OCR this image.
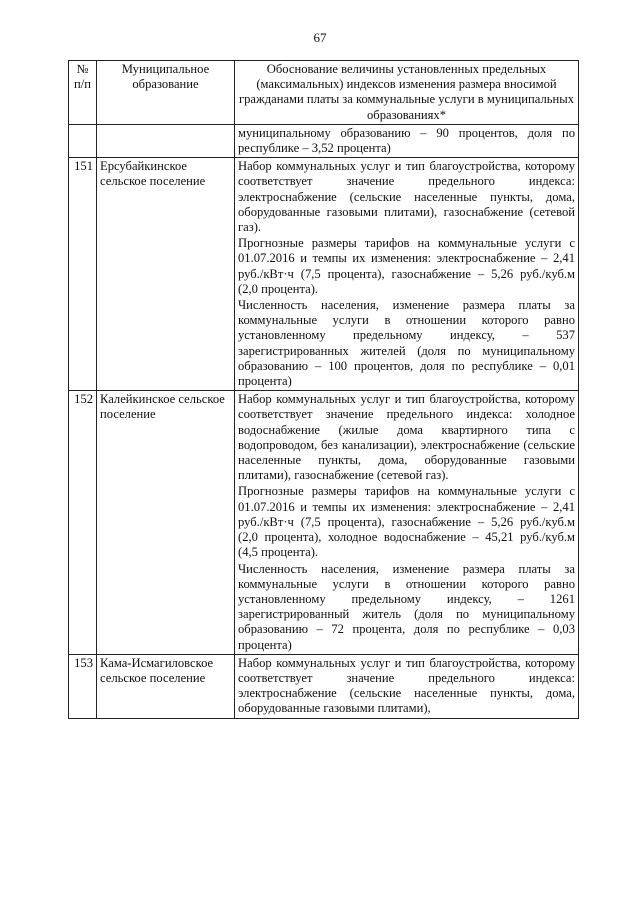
67
№ п/п	Муниципальное образование	Обоснование величины установленных предельных (максимальных) индексов изменения размера вносимой гражданами платы за коммунальные услуги в муниципальных образованиях*
		муниципальному образованию – 90 процентов, доля по республике – 3,52 процента)
151	Ерсубайкинское сельское поселение	Набор коммунальных услуг и тип благоустройства, которому соответствует значение предельного индекса: электроснабжение (сельские населенные пункты, дома, оборудованные газовыми плитами), газоснабжение (сетевой газ).

Прогнозные размеры тарифов на коммунальные услуги с 01.07.2016 и темпы их изменения: электроснабжение – 2,41 руб./кВт·ч (7,5 процента), газоснабжение – 5,26 руб./куб.м (2,0 процента).

Численность населения, изменение размера платы за коммунальные услуги в отношении которого равно установленному предельному индексу, – 537 зарегистрированных жителей (доля по муниципальному образованию – 100 процентов, доля по республике – 0,01 процента)

152	Калейкинское сельское поселение	Набор коммунальных услуг и тип благоустройства, которому соответствует значение предельного индекса: холодное водоснабжение (жилые дома квартирного типа с водопроводом, без канализации), электроснабжение (сельские населенные пункты, дома, оборудованные газовыми плитами), газоснабжение (сетевой газ).

Прогнозные размеры тарифов на коммунальные услуги с 01.07.2016 и темпы их изменения: электроснабжение – 2,41 руб./кВт·ч (7,5 процента), газоснабжение – 5,26 руб./куб.м (2,0 процента), холодное водоснабжение – 45,21 руб./куб.м (4,5 процента).

Численность населения, изменение размера платы за коммунальные услуги в отношении которого равно установленному предельному индексу, – 1261 зарегистрированный житель (доля по муниципальному образованию – 72 процента, доля по республике – 0,03 процента)

153	Кама-Исмагиловское сельское поселение	Набор коммунальных услуг и тип благоустройства, которому соответствует значение предельного индекса: электроснабжение (сельские населенные пункты, дома, оборудованные газовыми плитами),
